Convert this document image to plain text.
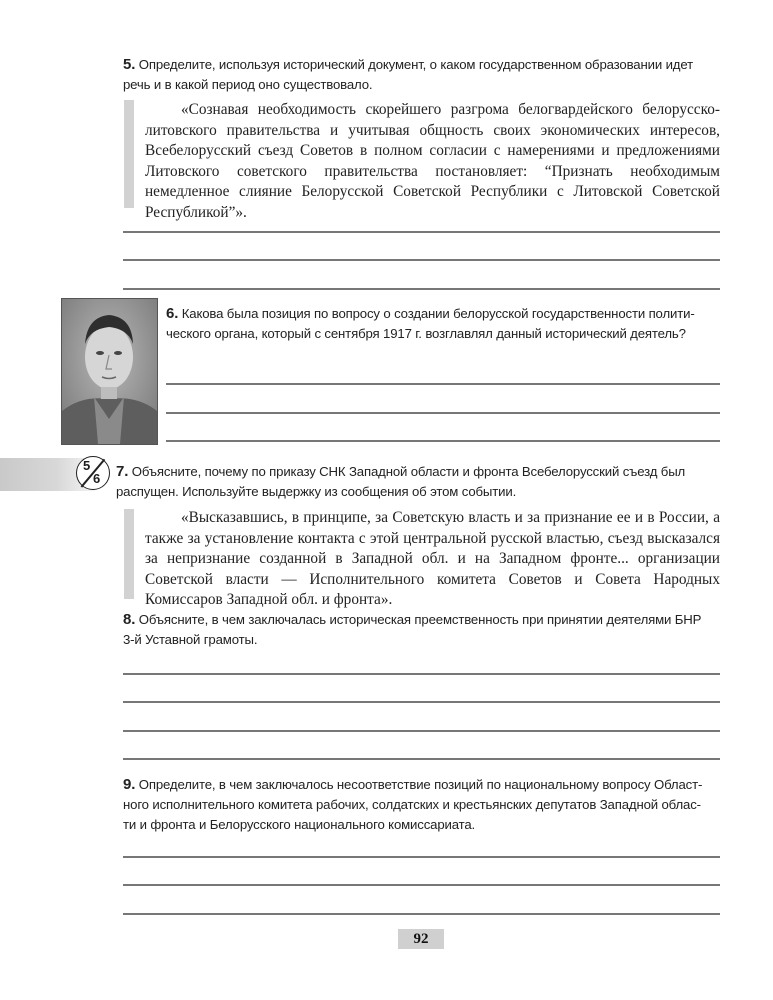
5. Определите, используя исторический документ, о каком государственном образовании идет
речь и в какой период оно существовало.
«Сознавая необходимость скорейшего разгрома белогвардейского белорусско-литовского правительства и учитывая общность своих экономических интересов, Всебелорусский съезд Советов в полном согласии с намерениями и предложениями Литовского советского правительства постановляет: “Признать необходимым немедленное слияние Белорусской Советской Республики с Литовской Советской Республикой”».
6. Какова была позиция по вопросу о создании белорусской государственности полити-
ческого органа, который с сентября 1917 г. возглавлял данный исторический деятель?
5
6 7. Объясните, почему по приказу СНК Западной области и фронта Всебелорусский съезд был
распущен. Используйте выдержку из сообщения об этом событии.
«Высказавшись, в принципе, за Советскую власть и за признание ее и в России, а также за установление контакта с этой центральной русской властью, съезд высказался за непризнание созданной в Западной обл. и на Западном фронте... организации Советской власти — Исполнительного комитета Советов и Совета Народных Комиссаров Западной обл. и фронта».
8. Объясните, в чем заключалась историческая преемственность при принятии деятелями БНР
3-й Уставной грамоты.
9. Определите, в чем заключалось несоответствие позиций по национальному вопросу Област-
ного исполнительного комитета рабочих, солдатских и крестьянских депутатов Западной облас-
ти и фронта и Белорусского национального комиссариата.
92
